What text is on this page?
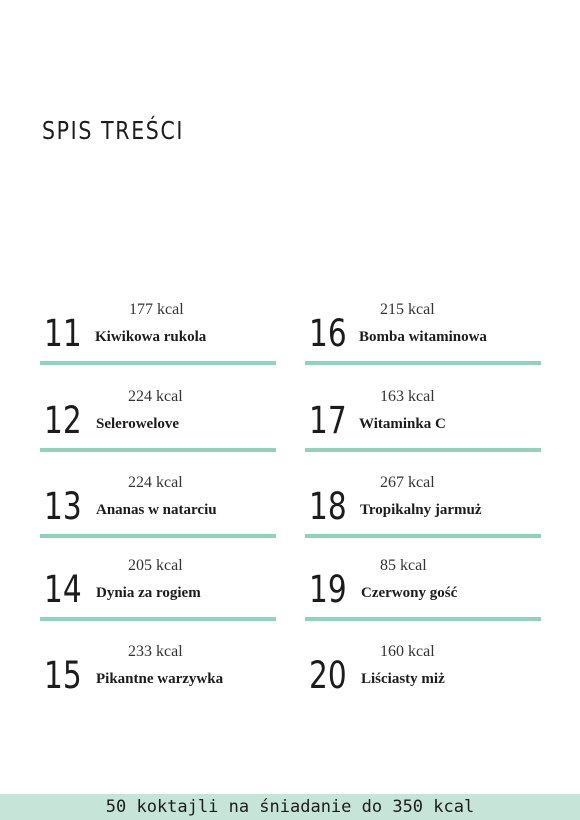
SPIS TREŚCI
11
177 kcal
Kiwikowa rukola
12
224 kcal
Selerowelove
13
224 kcal
Ananas w natarciu
14
205 kcal
Dynia za rogiem
15
233 kcal
Pikantne warzywka
16
215 kcal
Bomba witaminowa
17
163 kcal
Witaminka C
18
267 kcal
Tropikalny jarmuż
19
85 kcal
Czerwony gość
20
160 kcal
Liściasty miż
50 koktajli na śniadanie do 350 kcal
